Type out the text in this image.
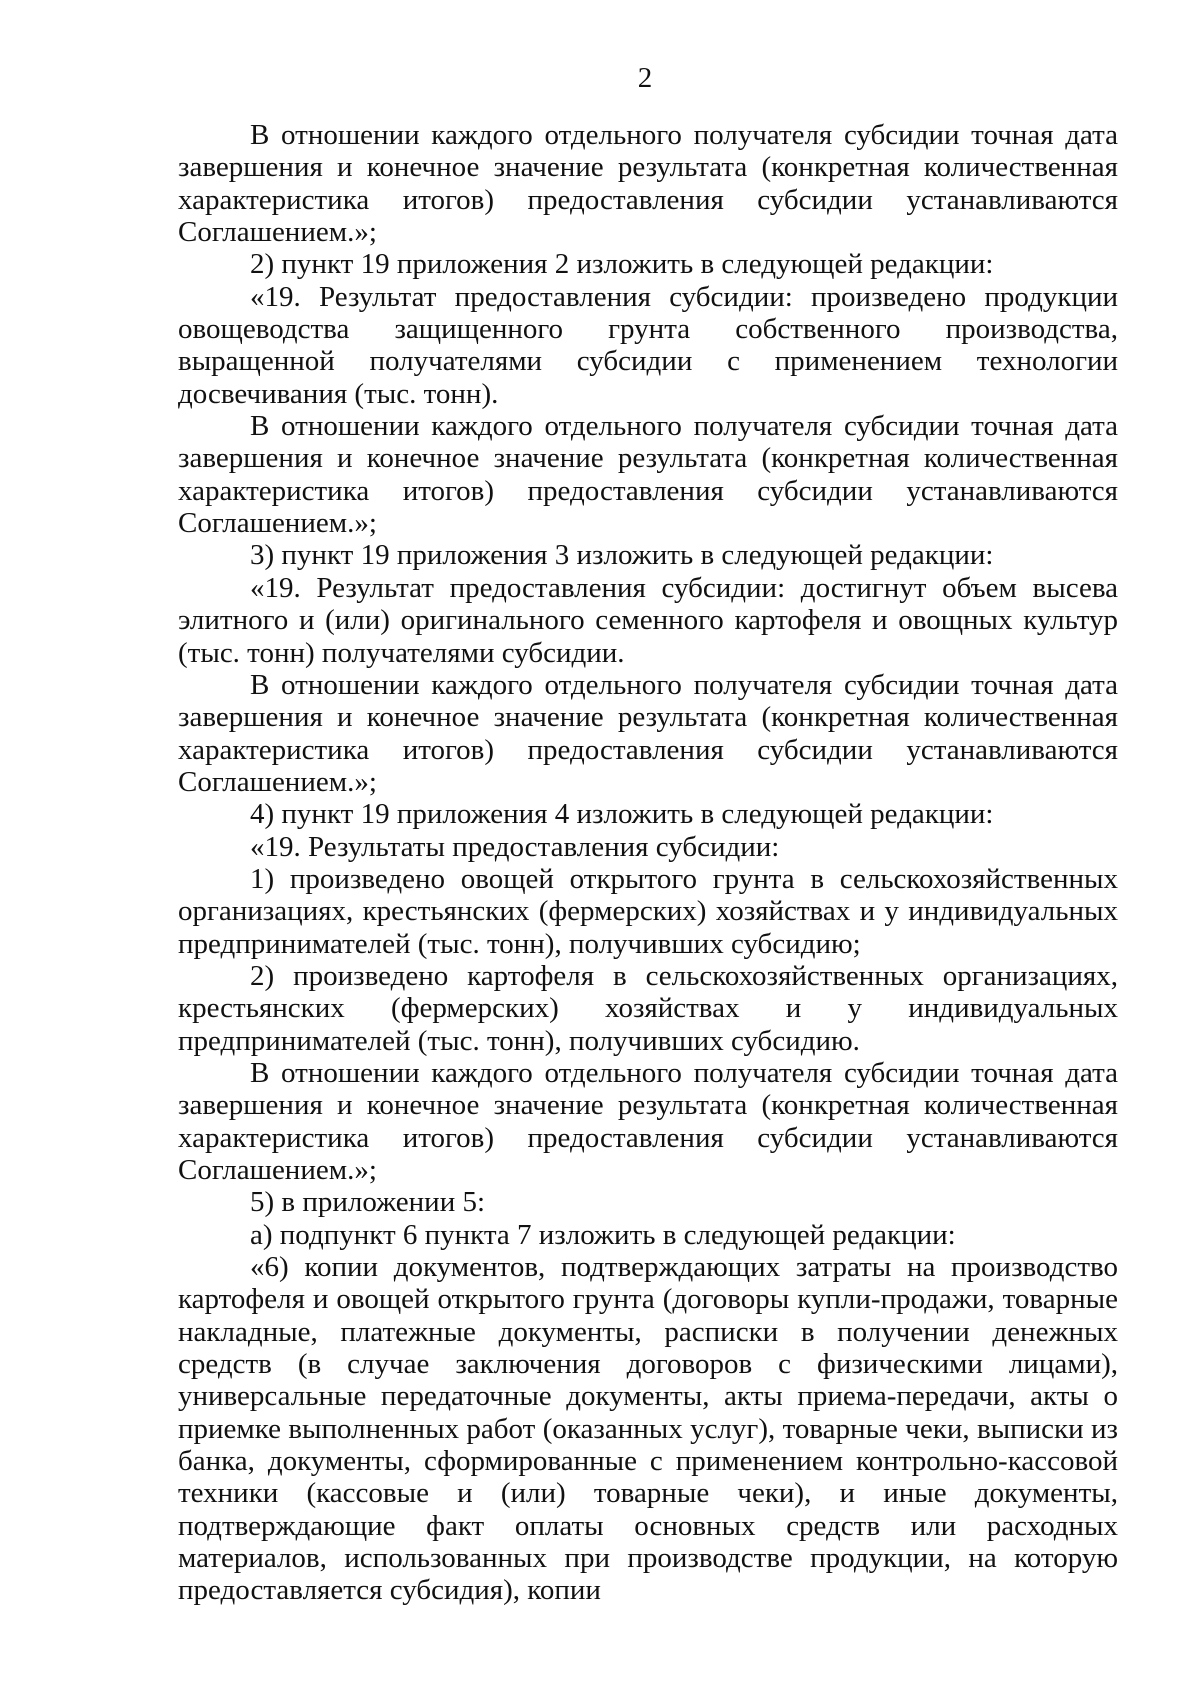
2

В отношении каждого отдельного получателя субсидии точная дата завершения и конечное значение результата (конкретная количественная характеристика итогов) предоставления субсидии устанавливаются Соглашением.»;

2) пункт 19 приложения 2 изложить в следующей редакции:

«19. Результат предоставления субсидии: произведено продукции овощеводства защищенного грунта собственного производства, выращенной получателями субсидии с применением технологии досвечивания (тыс. тонн).

В отношении каждого отдельного получателя субсидии точная дата завершения и конечное значение результата (конкретная количественная характеристика итогов) предоставления субсидии устанавливаются Соглашением.»;

3) пункт 19 приложения 3 изложить в следующей редакции:

«19. Результат предоставления субсидии: достигнут объем высева элитного и (или) оригинального семенного картофеля и овощных культур (тыс. тонн) получателями субсидии.

В отношении каждого отдельного получателя субсидии точная дата завершения и конечное значение результата (конкретная количественная характеристика итогов) предоставления субсидии устанавливаются Соглашением.»;

4) пункт 19 приложения 4 изложить в следующей редакции:

«19. Результаты предоставления субсидии:

1) произведено овощей открытого грунта в сельскохозяйственных организациях, крестьянских (фермерских) хозяйствах и у индивидуальных предпринимателей (тыс. тонн), получивших субсидию;

2) произведено картофеля в сельскохозяйственных организациях, крестьянских (фермерских) хозяйствах и у индивидуальных предпринимателей (тыс. тонн), получивших субсидию.

В отношении каждого отдельного получателя субсидии точная дата завершения и конечное значение результата (конкретная количественная характеристика итогов) предоставления субсидии устанавливаются Соглашением.»;

5) в приложении 5:

а) подпункт 6 пункта 7 изложить в следующей редакции:

«6) копии документов, подтверждающих затраты на производство картофеля и овощей открытого грунта (договоры купли-продажи, товарные накладные, платежные документы, расписки в получении денежных средств (в случае заключения договоров с физическими лицами), универсальные передаточные документы, акты приема-передачи, акты о приемке выполненных работ (оказанных услуг), товарные чеки, выписки из банка, документы, сформированные с применением контрольно-кассовой техники (кассовые и (или) товарные чеки), и иные документы, подтверждающие факт оплаты основных средств или расходных материалов, использованных при производстве продукции, на которую предоставляется субсидия), копии
